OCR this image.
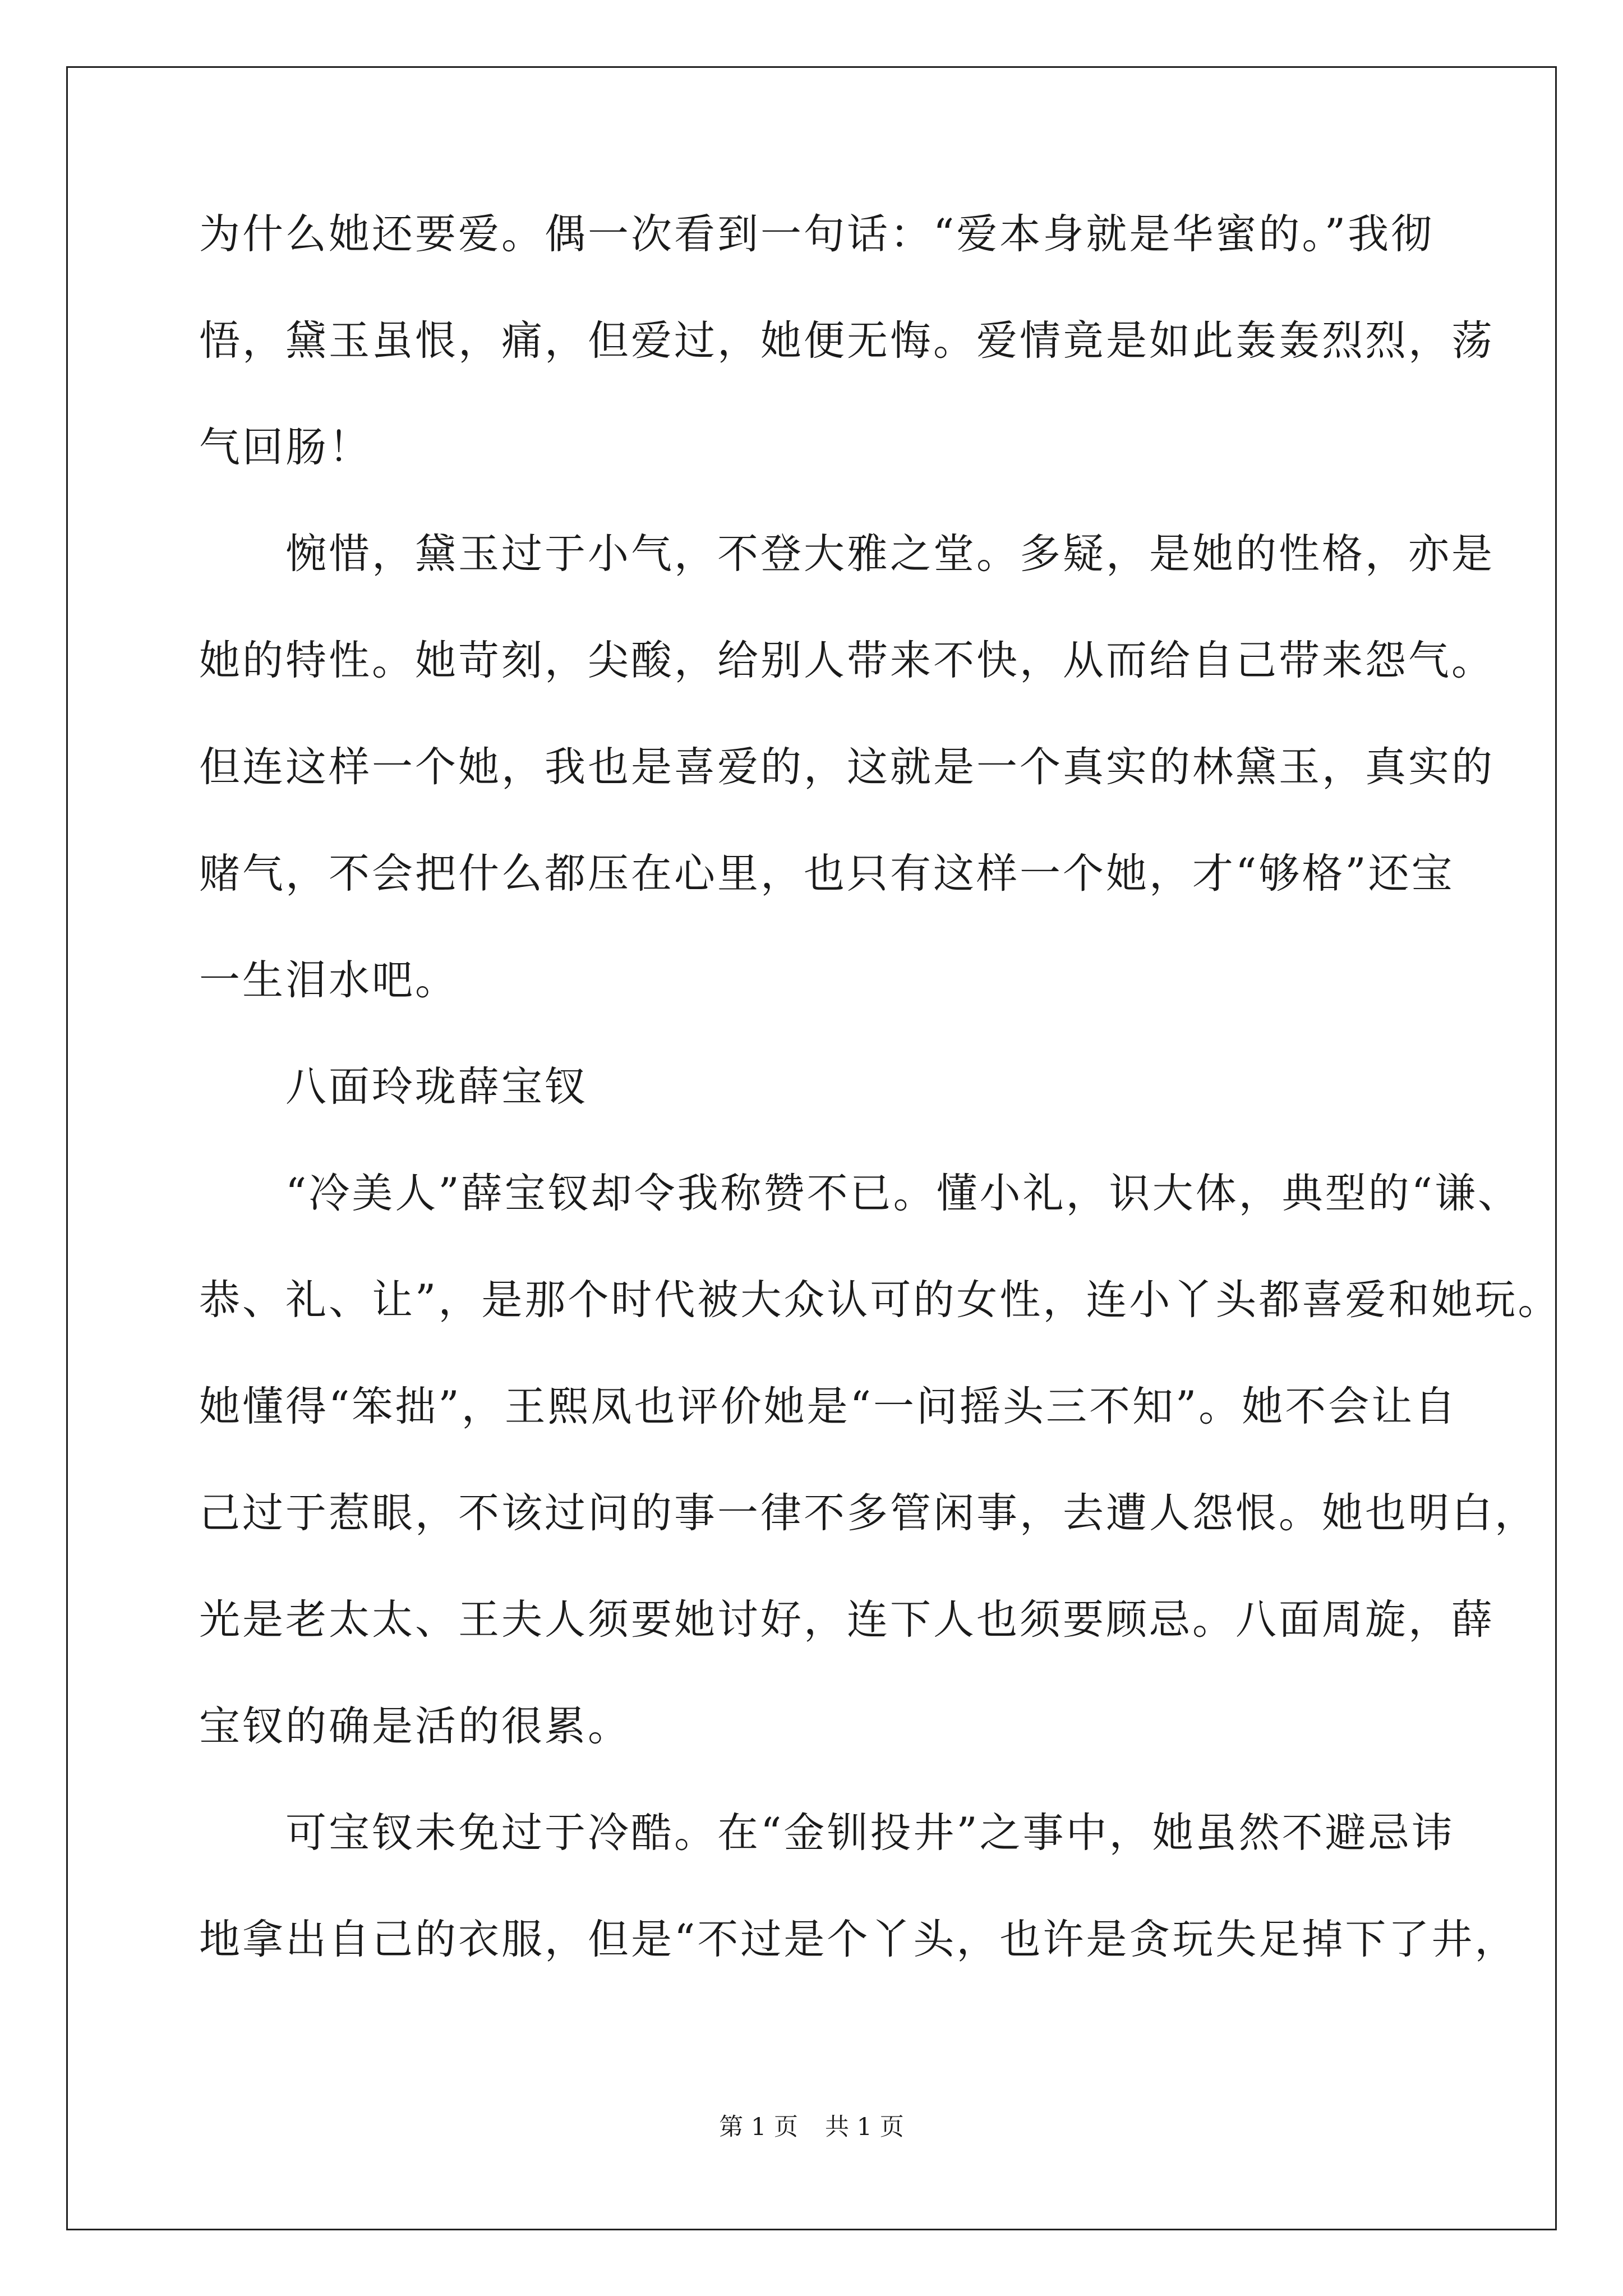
为什么她还要爱。偶一次看到一句话：“爱本身就是华蜜的。”我彻
悟，黛玉虽恨，痛，但爱过，她便无悔。爱情竟是如此轰轰烈烈，荡
气回肠！
　　惋惜，黛玉过于小气，不登大雅之堂。多疑，是她的性格，亦是
她的特性。她苛刻，尖酸，给别人带来不快，从而给自己带来怨气。
但连这样一个她，我也是喜爱的，这就是一个真实的林黛玉，真实的
赌气，不会把什么都压在心里，也只有这样一个她，才“够格”还宝
一生泪水吧。
　　八面玲珑薛宝钗
　　“冷美人”薛宝钗却令我称赞不已。懂小礼，识大体，典型的“谦、
恭、礼、让”，是那个时代被大众认可的女性，连小丫头都喜爱和她玩。
她懂得“笨拙”，王熙凤也评价她是“一问摇头三不知”。她不会让自
己过于惹眼，不该过问的事一律不多管闲事，去遭人怨恨。她也明白，
光是老太太、王夫人须要她讨好，连下人也须要顾忌。八面周旋，薛
宝钗的确是活的很累。
　　可宝钗未免过于冷酷。在“金钏投井”之事中，她虽然不避忌讳
地拿出自己的衣服，但是“不过是个丫头，也许是贪玩失足掉下了井，
第 1 页 共 1 页
